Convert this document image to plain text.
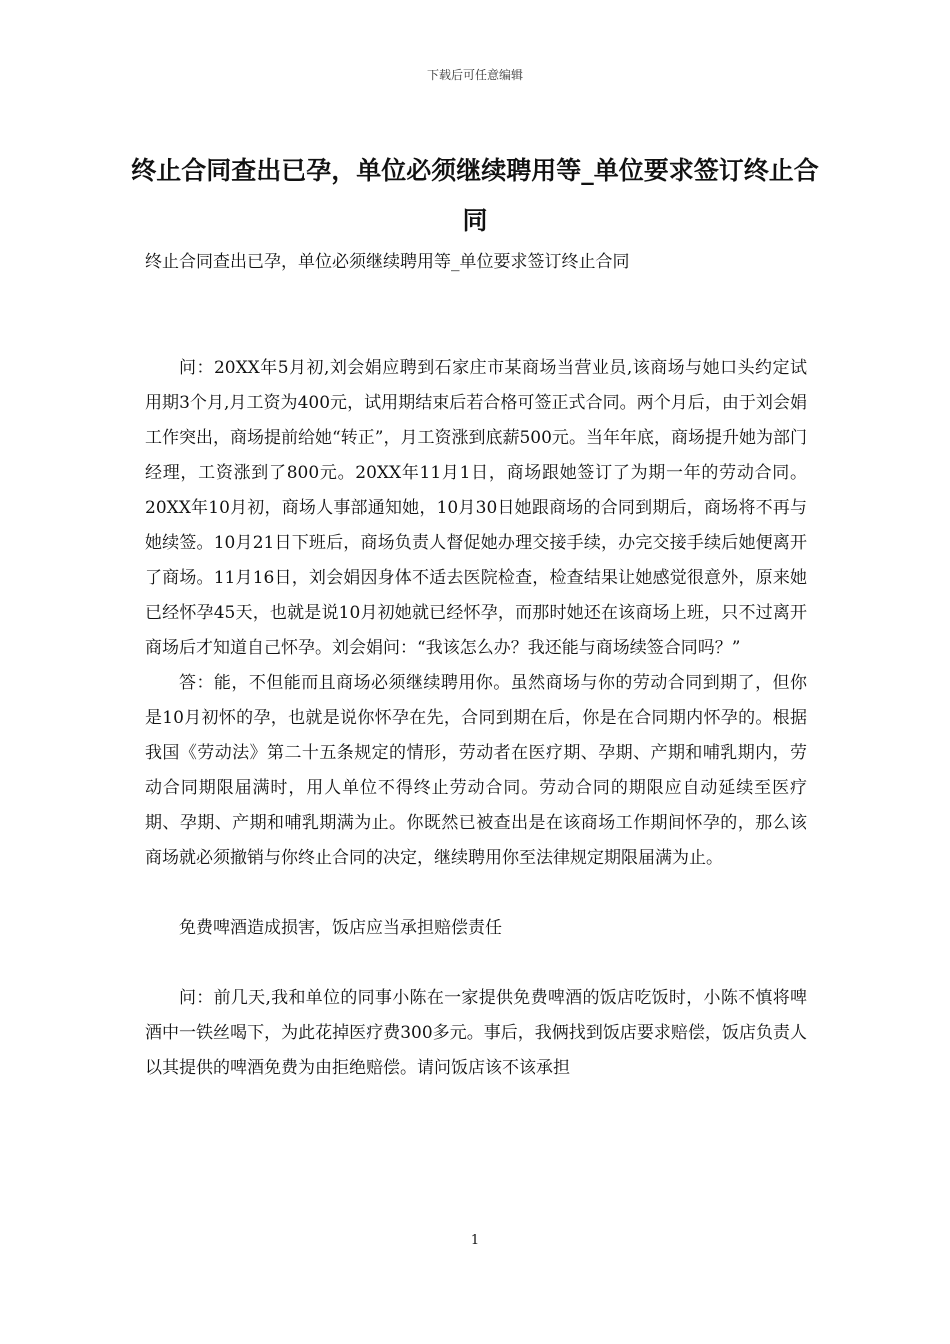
下载后可任意编辑
终止合同查出已孕，单位必须继续聘用等_单位要求签订终止合同
终止合同查出已孕，单位必须继续聘用等_单位要求签订终止合同

问：20XX年5月初,刘会娟应聘到石家庄市某商场当营业员,该商场与她口头约定试用期3个月,月工资为400元，试用期结束后若合格可签正式合同。两个月后，由于刘会娟工作突出，商场提前给她“转正”，月工资涨到底薪500元。当年年底，商场提升她为部门经理，工资涨到了800元。20XX年11月1日，商场跟她签订了为期一年的劳动合同。20XX年10月初，商场人事部通知她，10月30日她跟商场的合同到期后，商场将不再与她续签。10月21日下班后，商场负责人督促她办理交接手续，办完交接手续后她便离开了商场。11月16日，刘会娟因身体不适去医院检查，检查结果让她感觉很意外，原来她已经怀孕45天，也就是说10月初她就已经怀孕，而那时她还在该商场上班，只不过离开商场后才知道自己怀孕。刘会娟问：“我该怎么办？我还能与商场续签合同吗？”

答：能，不但能而且商场必须继续聘用你。虽然商场与你的劳动合同到期了，但你是10月初怀的孕，也就是说你怀孕在先，合同到期在后，你是在合同期内怀孕的。根据我国《劳动法》第二十五条规定的情形，劳动者在医疗期、孕期、产期和哺乳期内，劳动合同期限届满时，用人单位不得终止劳动合同。劳动合同的期限应自动延续至医疗期、孕期、产期和哺乳期满为止。你既然已被查出是在该商场工作期间怀孕的，那么该商场就必须撤销与你终止合同的决定，继续聘用你至法律规定期限届满为止。

免费啤酒造成损害，饭店应当承担赔偿责任

问：前几天,我和单位的同事小陈在一家提供免费啤酒的饭店吃饭时，小陈不慎将啤酒中一铁丝喝下，为此花掉医疗费300多元。事后，我俩找到饭店要求赔偿，饭店负责人以其提供的啤酒免费为由拒绝赔偿。请问饭店该不该承担

1
